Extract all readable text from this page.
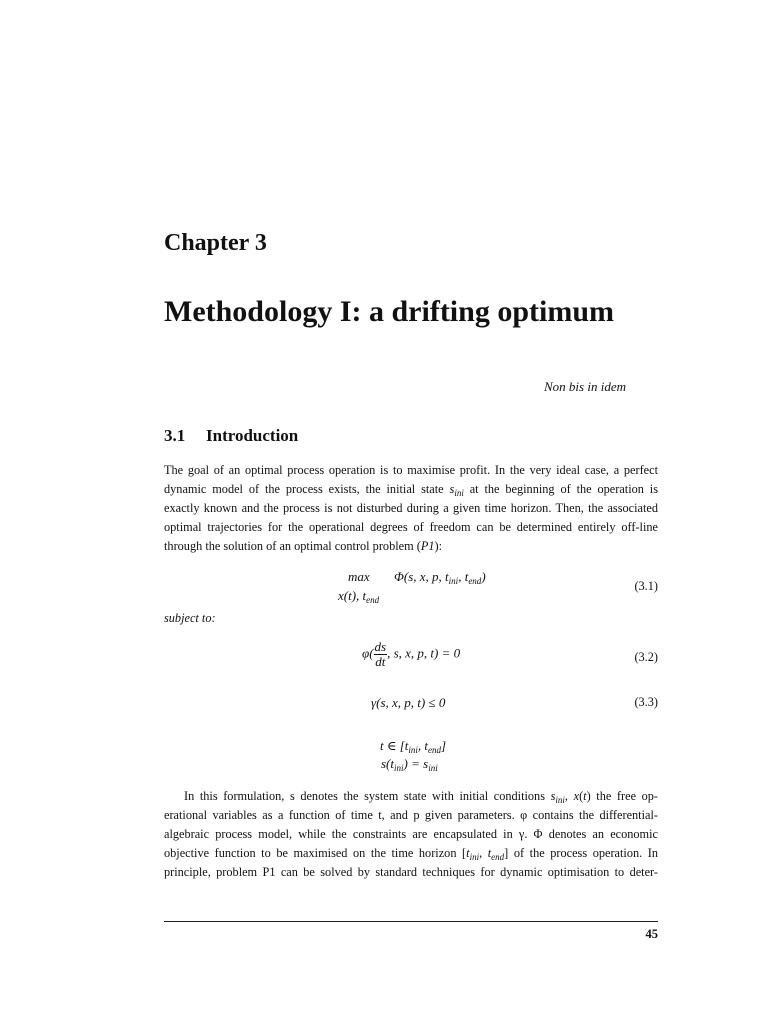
Chapter 3
Methodology I: a drifting optimum
Non bis in idem
3.1 Introduction
The goal of an optimal process operation is to maximise profit. In the very ideal case, a perfect
dynamic model of the process exists, the initial state $s_{ini}$ at the beginning of the operation is
exactly known and the process is not disturbed during a given time horizon. Then, the associated
optimal trajectories for the operational degrees of freedom can be determined entirely off-line
through the solution of an optimal control problem (P1):
max Φ(s, x, p, $t_{ini}$, $t_{end}$)
x(t), $t_{end}$
(3.1)
subject to:
$\varphi( \frac{ds}{dt}$ , s, x, p, t) = 0	(3.2)
γ(s, x, p, t) ≤ 0	(3.3)
t ∈ [$t_{ini}$, $t_{end}$]
$s(t_{ini}) = s_{ini}$
In this formulation, s denotes the system state with initial conditions $s_{ini}$, x(t) the free op-
erational variables as a function of time t, and p given parameters. φ contains the differential-
algebraic process model, while the constraints are encapsulated in γ. Φ denotes an economic
objective function to be maximised on the time horizon [$t_{ini}$, $t_{end}$] of the process operation. In
principle, problem P1 can be solved by standard techniques for dynamic optimisation to deter-
45
